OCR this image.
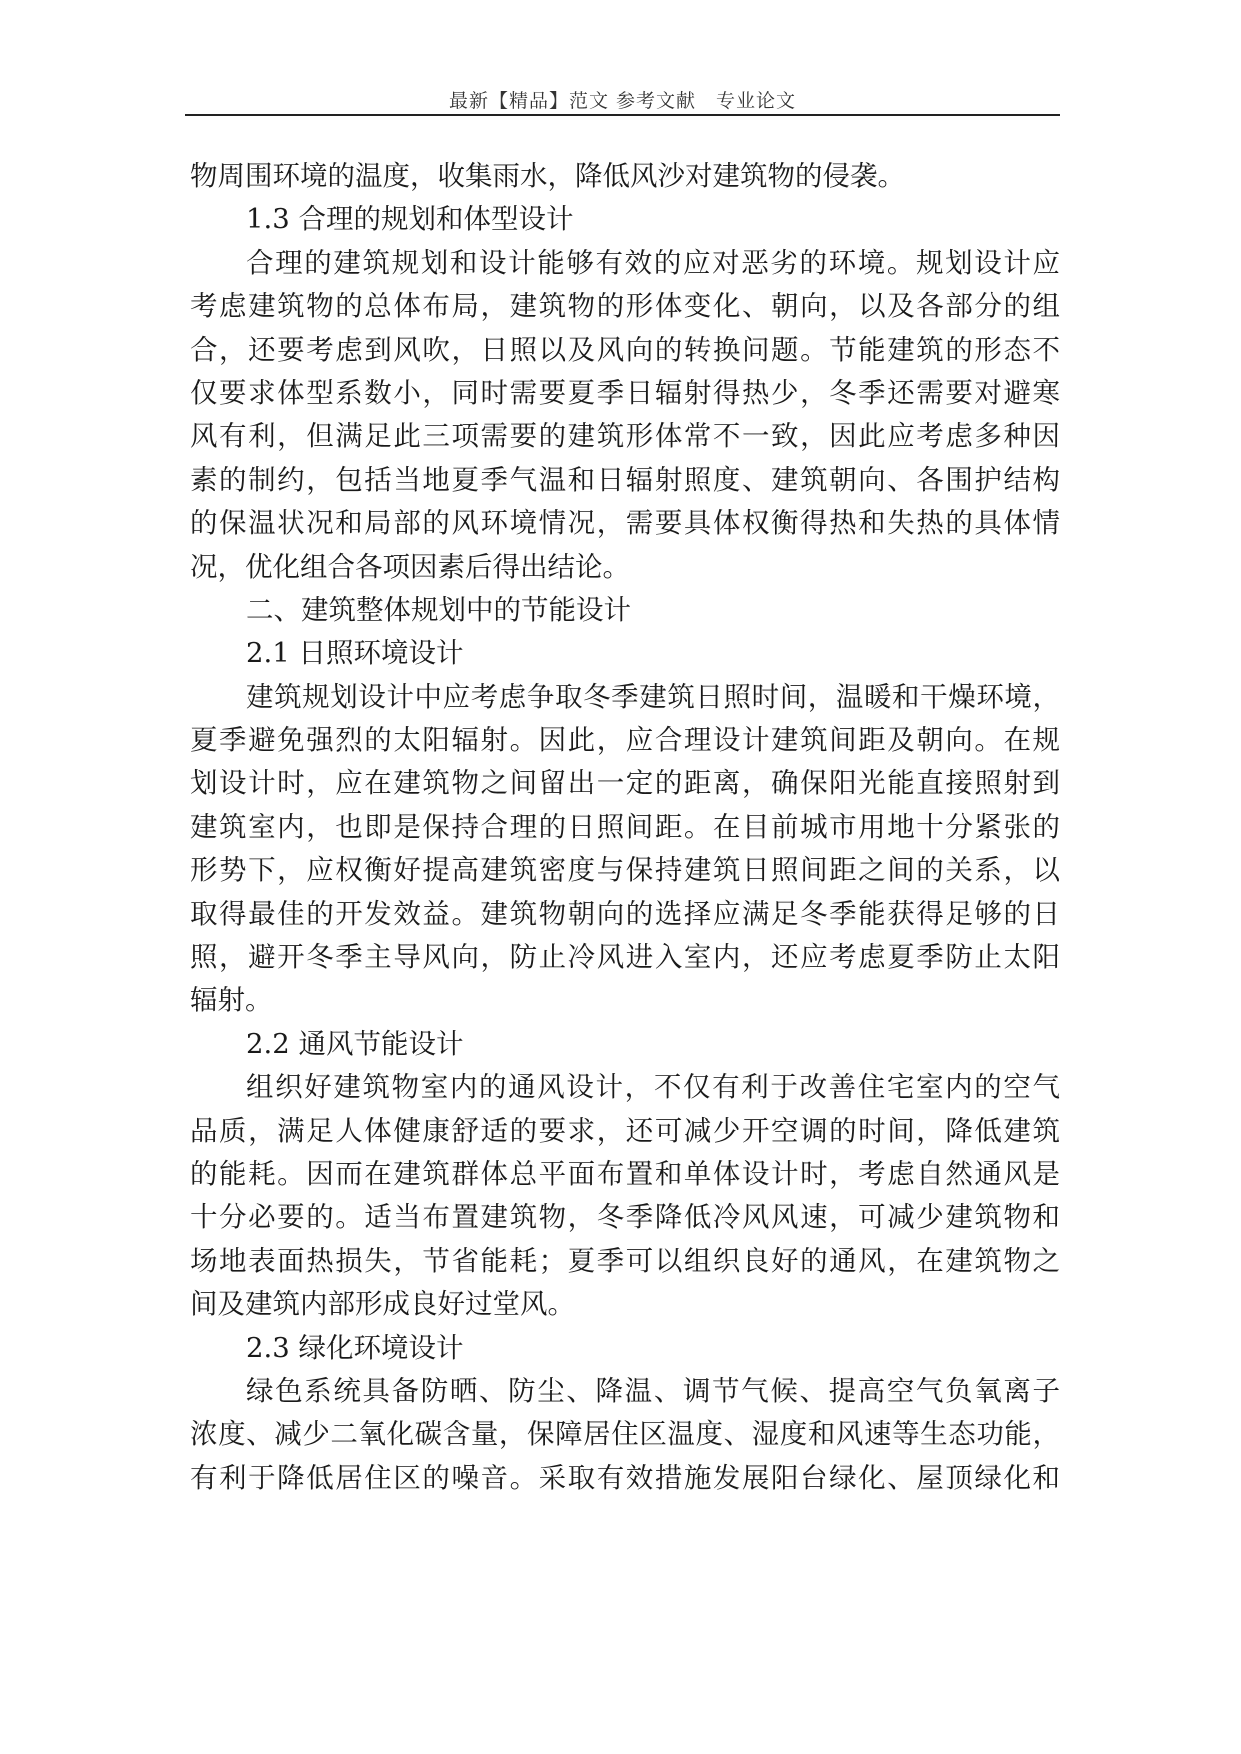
最新【精品】范文 参考文献　专业论文
物周围环境的温度，收集雨水，降低风沙对建筑物的侵袭。
1.3 合理的规划和体型设计
合理的建筑规划和设计能够有效的应对恶劣的环境。规划设计应
考虑建筑物的总体布局，建筑物的形体变化、朝向，以及各部分的组
合，还要考虑到风吹，日照以及风向的转换问题。节能建筑的形态不
仅要求体型系数小，同时需要夏季日辐射得热少，冬季还需要对避寒
风有利，但满足此三项需要的建筑形体常不一致，因此应考虑多种因
素的制约，包括当地夏季气温和日辐射照度、建筑朝向、各围护结构
的保温状况和局部的风环境情况，需要具体权衡得热和失热的具体情
况，优化组合各项因素后得出结论。
二、建筑整体规划中的节能设计
2.1 日照环境设计
建筑规划设计中应考虑争取冬季建筑日照时间，温暖和干燥环境，
夏季避免强烈的太阳辐射。因此，应合理设计建筑间距及朝向。在规
划设计时，应在建筑物之间留出一定的距离，确保阳光能直接照射到
建筑室内，也即是保持合理的日照间距。在目前城市用地十分紧张的
形势下，应权衡好提高建筑密度与保持建筑日照间距之间的关系，以
取得最佳的开发效益。建筑物朝向的选择应满足冬季能获得足够的日
照，避开冬季主导风向，防止冷风进入室内，还应考虑夏季防止太阳
辐射。
2.2 通风节能设计
组织好建筑物室内的通风设计，不仅有利于改善住宅室内的空气
品质，满足人体健康舒适的要求，还可减少开空调的时间，降低建筑
的能耗。因而在建筑群体总平面布置和单体设计时，考虑自然通风是
十分必要的。适当布置建筑物，冬季降低冷风风速，可减少建筑物和
场地表面热损失，节省能耗；夏季可以组织良好的通风，在建筑物之
间及建筑内部形成良好过堂风。
2.3 绿化环境设计
绿色系统具备防晒、防尘、降温、调节气候、提高空气负氧离子
浓度、减少二氧化碳含量，保障居住区温度、湿度和风速等生态功能，
有利于降低居住区的噪音。采取有效措施发展阳台绿化、屋顶绿化和
